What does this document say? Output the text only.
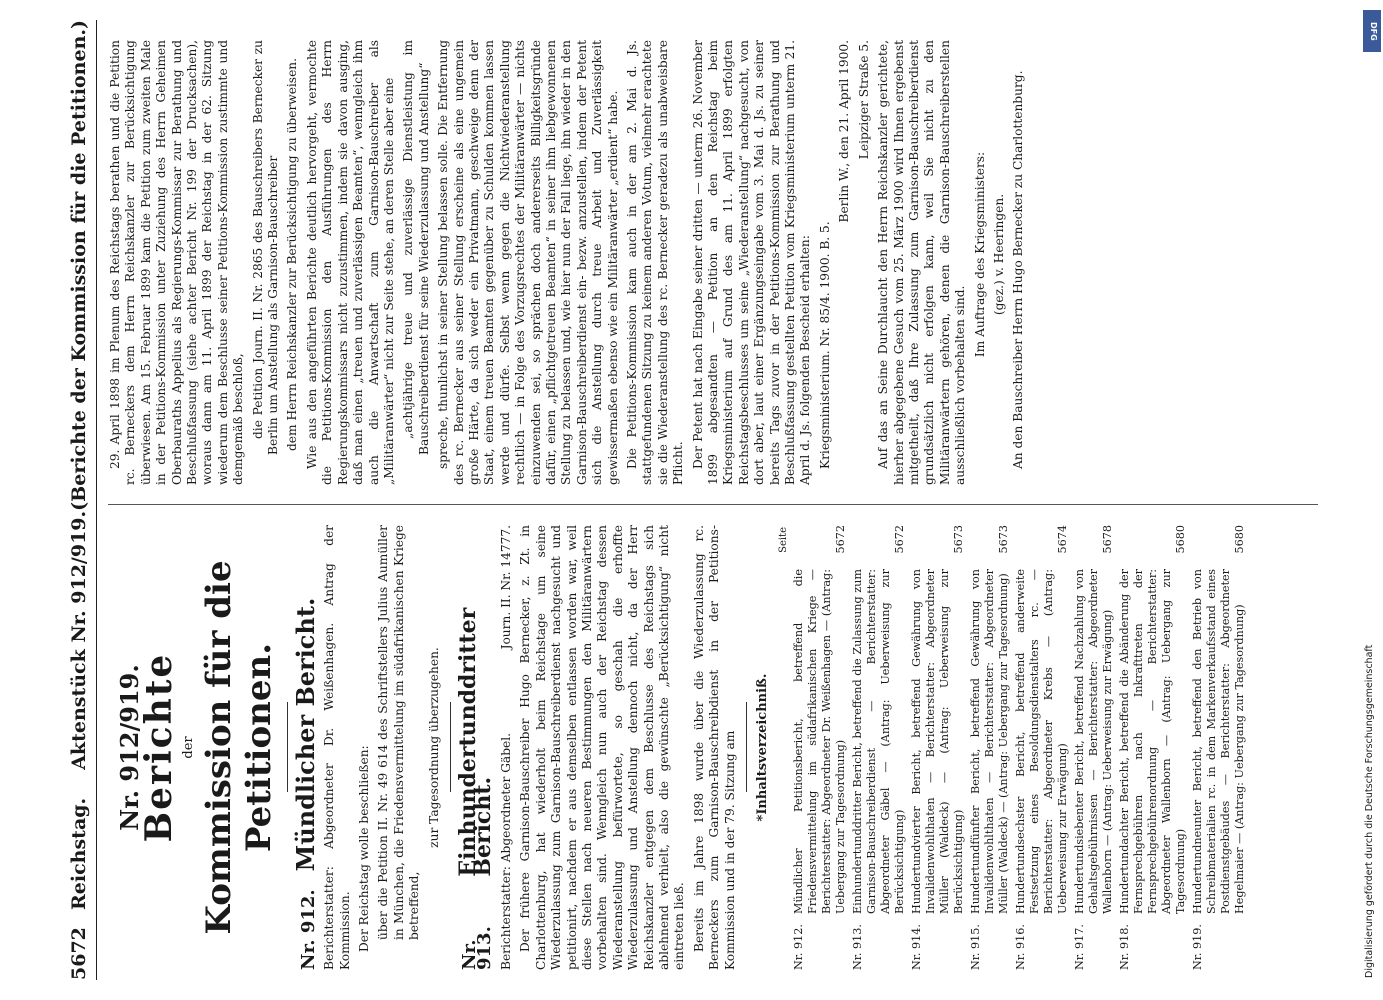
5672
Reichstag.
Aktenstück Nr. 912/919.
(Berichte der Kommission für die Petitionen.)
Nr. 912/919.
Berichte der Kommission für die Petitionen.
Nr. 912.
Mündlicher Bericht. Berichterstatter: Abgeordneter Dr. Weißenhagen. Antrag der Kommission. Der Reichstag wolle beschließen: über die Petition II. Nr. 49 614 des Schriftstellers Julius Aumüller in München, die Friedensvermittelung im südafrikanischen Kriege betreffend,

zur Tagesordnung überzugehen.

Nr. 913.
Einhundertunddritter Bericht. Berichterstatter: Abgeordneter Gäbel.
Journ. II. Nr. 14777. Der frühere Garnison-Bauschreiber Hugo Bernecker, z. Zt. in Charlottenburg, hat wiederholt beim Reichstage um seine Wiederzulassung zum Garnison-Bauschreiberdienst nachgesucht und petitionirt, nachdem er aus demselben entlassen worden war, weil diese Stellen nach neueren Bestimmungen den Militäranwärtern vorbehalten sind. Wenngleich nun auch der Reichstag dessen Wiederanstellung befürwortete, so geschah die erhoffte Wiederzulassung und Anstellung dennoch nicht, da der Herr Reichskanzler entgegen dem Beschlusse des Reichstags sich ablehnend verhielt, also die gewünschte „Berücksichtigung“ nicht eintreten ließ. Bereits im Jahre 1898 wurde über die Wiederzulassung rc. Berneckers zum Garnison-Bauschreibdienst in der Petitions-Kommission und in der 79. Sitzung am *Inhaltsverzeichniß.
Seite
Nr. 912.
Mündlicher Petitionsbericht, betreffend die Friedensvermittelung im südafrikanischen Kriege — Berichterstatter: Abgeordneter Dr. Weißenhagen — (Antrag: Uebergang zur Tagesordnung)
5672
Nr. 913.
Einhundertunddritter Bericht, betreffend die Zulassung zum Garnison-Bauschreiberdienst — Berichterstatter: Abgeordneter Gäbel — (Antrag: Ueberweisung zur Berücksichtigung)
5672
Nr. 914.
Hundertundvierter Bericht, betreffend Gewährung von Invalidenwohlthaten — Berichterstatter: Abgeordneter Müller (Waldeck) — (Antrag: Ueberweisung zur Berücksichtigung)
5673
Nr. 915.
Hundertundfünfter Bericht, betreffend Gewährung von Invalidenwohlthaten — Berichterstatter: Abgeordneter Müller (Waldeck) — (Antrag: Uebergang zur Tagesordnung)
5673
Nr. 916.
Hundertundsechster Bericht, betreffend anderweite Festsetzung eines Besoldungsdienstalters rc. — Berichterstatter: Abgeordneter Krebs — (Antrag: Ueberweisung zur Erwägung)
5674
Nr. 917.
Hundertundsiebenter Bericht, betreffend Nachzahlung von Gehaltsgebührnissen — Berichterstatter: Abgeordneter Wallenborn — (Antrag: Ueberweisung zur Erwägung)
5678
Nr. 918.
Hundertundachter Bericht, betreffend die Abänderung der Fernsprechgebühren nach Inkrafttreten der Fernsprechgebührenordnung — Berichterstatter: Abgeordneter Wallenborn — (Antrag: Uebergang zur Tagesordnung)
5680
Nr. 919.
Hundertundneunter Bericht, betreffend den Betrieb von Schreibmaterialien rc. in dem Markenverkaufsstand eines Postdienstgebäudes — Berichterstatter: Abgeordneter Hegelmaier — (Antrag: Uebergang zur Tagesordnung)
5680

29. April 1898 im Plenum des Reichstags berathen und die Petition rc. Berneckers dem Herrn Reichskanzler zur Berücksichtigung überwiesen. Am 15. Februar 1899 kam die Petition zum zweiten Male in der Petitions-Kommission unter Zuziehung des Herrn Geheimen Oberbauraths Appelius als Regierungs-Kommissar zur Berathung und Beschlußfassung (siehe achter Bericht Nr. 199 der Drucksachen), woraus dann am 11. April 1899 der Reichstag in der 62. Sitzung wiederum dem Beschlusse seiner Petitions-Kommission zustimmte und demgemäß beschloß, die Petition Journ. II. Nr. 2865 des Bauschreibers Bernecker zu Berlin um Anstellung als Garnison-Bauschreiber dem Herrn Reichskanzler zur Berücksichtigung zu überweisen. Wie aus den angeführten Berichte deutlich hervorgeht, vermochte die Petitions-Kommission den Ausführungen des Herrn Regierungskommissars nicht zuzustimmen, indem sie davon ausging, daß man einen „treuen und zuverlässigen Beamten“, wenngleich ihm auch die Anwartschaft zum Garnison-Bauschreiber als „Militäranwärter“ nicht zur Seite stehe, an deren Stelle aber eine „achtjährige treue und zuverlässige Dienstleistung im Bauschreiberdienst für seine Wiederzulassung und Anstellung“ spreche, thunlichst in seiner Stellung belassen solle. Die Entfernung des rc. Bernecker aus seiner Stellung erscheine als eine ungemein große Härte, da sich weder ein Privatmann, geschweige denn der Staat, einem treuen Beamten gegenüber zu Schulden kommen lassen werde und dürfe. Selbst wenn gegen die Nichtwiederanstellung rechtlich — in Folge des Vorzugsrechtes der Militäranwärter — nichts einzuwenden sei, so sprächen doch andererseits Billigkeitsgründe dafür, einen „pflichtgetreuen Beamten“ in seiner ihm liebgewonnenen Stellung zu belassen und, wie hier nun der Fall liege, ihn wieder in den Garnison-Bauschreiberdienst ein- bezw. anzustellen, indem der Petent sich die Anstellung durch treue Arbeit und Zuverlässigkeit gewissermaßen ebenso wie ein Militäranwärter „erdient“ habe. Die Petitions-Kommission kam auch in der am 2. Mai d. Js. stattgefundenen Sitzung zu keinem anderen Votum, vielmehr erachtete sie die Wiederanstellung des rc. Bernecker geradezu als unabweisbare Pflicht. Der Petent hat nach Eingabe seiner dritten — unterm 26. November 1899 abgesandten — Petition an den Reichstag beim Kriegsministerium auf Grund des am 11. April 1899 erfolgten Reichstagsbeschlusses um seine „Wiederanstellung“ nachgesucht, von dort aber, laut einer Ergänzungseingabe vom 3. Mai d. Js. zu seiner bereits Tags zuvor in der Petitions-Kommission zur Berathung und Beschlußfassung gestellten Petition vom Kriegsministerium unterm 21. April d. Js. folgenden Bescheid erhalten: Kriegsministerium. Nr. 85/4. 1900. B. 5.

Berlin W., den 21. April 1900. Leipziger Straße 5. Auf das an Seine Durchlaucht den Herrn Reichskanzler gerichtete, hierher abgegebene Gesuch vom 25. März 1900 wird Ihnen ergebenst mitgetheilt, daß Ihre Zulassung zum Garnison-Bauschreiberdienst grundsätzlich nicht erfolgen kann, weil Sie nicht zu den Militäranwärtern gehören, denen die Garnison-Bauschreiberstellen ausschließlich vorbehalten sind.

Im Auftrage des Kriegsministers: (gez.) v. Heeringen. An den Bauschreiber Herrn Hugo Bernecker zu Charlottenburg.

DFG
Digitalisierung gefördert durch die Deutsche Forschungsgemeinschaft
